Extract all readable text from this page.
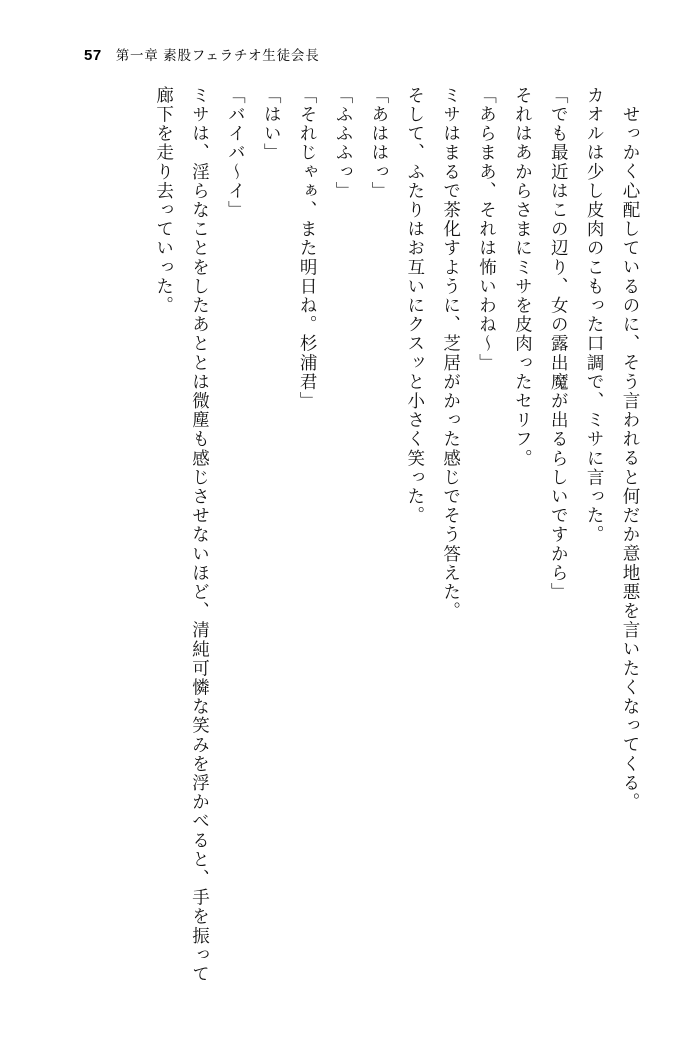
57 第一章 素股フェラチオ生徒会長

せっかく心配しているのに、そう言われると何だか意地悪を言いたくなってくる。

カオルは少し皮肉のこもった口調で、ミサに言った。

「でも最近はこの辺り、女の露出魔が出るらしいですから」

それはあからさまにミサを皮肉ったセリフ。

「あらまあ、それは怖いわね〜」

ミサはまるで茶化すように、芝居がかった感じでそう答えた。

そして、ふたりはお互いにクスッと小さく笑った。

「あははっ」

「ふふふっ」

「それじゃぁ、また明日ね。杉浦君」

「はい」

「バイバ〜イ」

ミサは、淫らなことをしたあととは微塵も感じさせないほど、清純可憐な笑みを浮かべると、手を振って廊下を走り去っていった。
